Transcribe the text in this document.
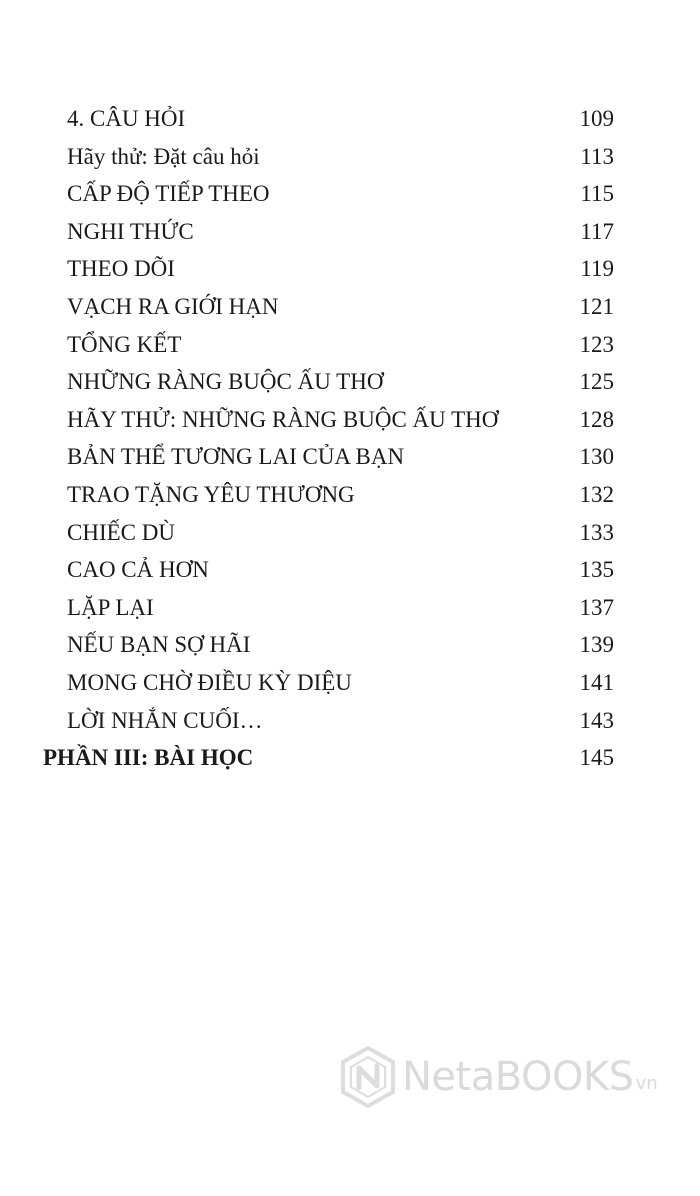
4. CÂU HỎI	109
Hãy thử: Đặt câu hỏi	113
CẤP ĐỘ TIẾP THEO	115
NGHI THỨC	117
THEO DÕI	119
VẠCH RA GIỚI HẠN	121
TỔNG KẾT	123
NHỮNG RÀNG BUỘC ẤU THƠ	125
HÃY THỬ: NHỮNG RÀNG BUỘC ẤU THƠ	128
BẢN THỂ TƯƠNG LAI CỦA BẠN	130
TRAO TẶNG YÊU THƯƠNG	132
CHIẾC DÙ	133
CAO CẢ HƠN	135
LẶP LẠI	137
NẾU BẠN SỢ HÃI	139
MONG CHỜ ĐIỀU KỲ DIỆU	141
LỜI NHẮN CUỐI…	143
PHẦN III: BÀI HỌC	145
NetaBOOKS vn
